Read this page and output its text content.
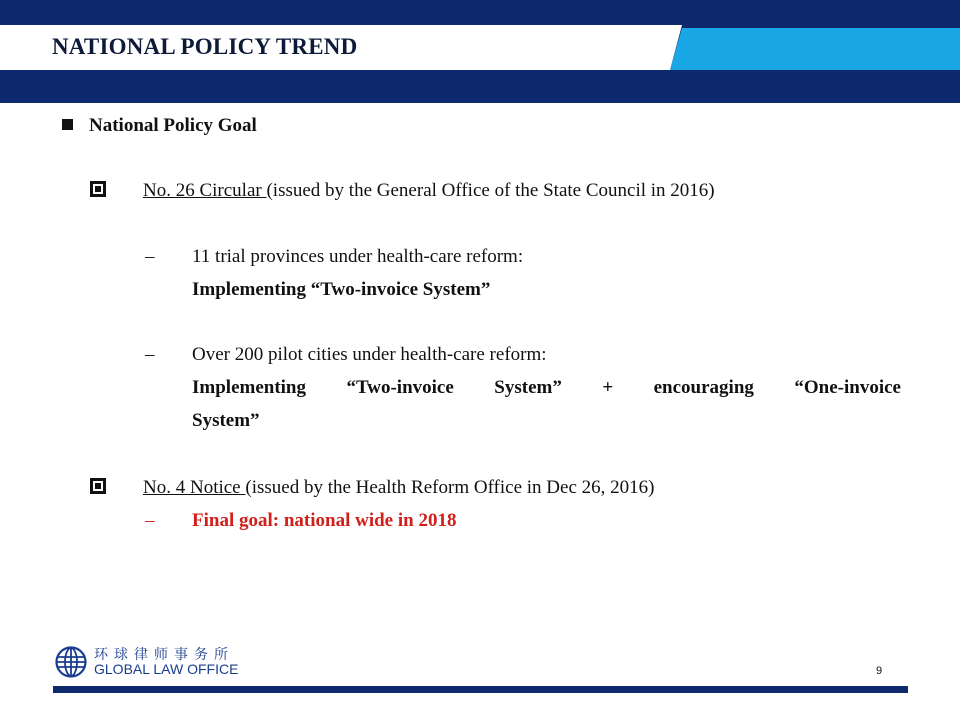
NATIONAL POLICY TREND
National Policy Goal
No. 26 Circular (issued by the General Office of the State Council in 2016)
– 11 trial provinces under health-care reform:
Implementing “Two-invoice System”
– Over 200 pilot cities under health-care reform:
Implementing “Two-invoice System” + encouraging “One-invoice
System”
No. 4 Notice (issued by the Health Reform Office in Dec 26, 2016)
– Final goal: national wide in 2018
环球律师事务所
GLOBAL LAW OFFICE	9
